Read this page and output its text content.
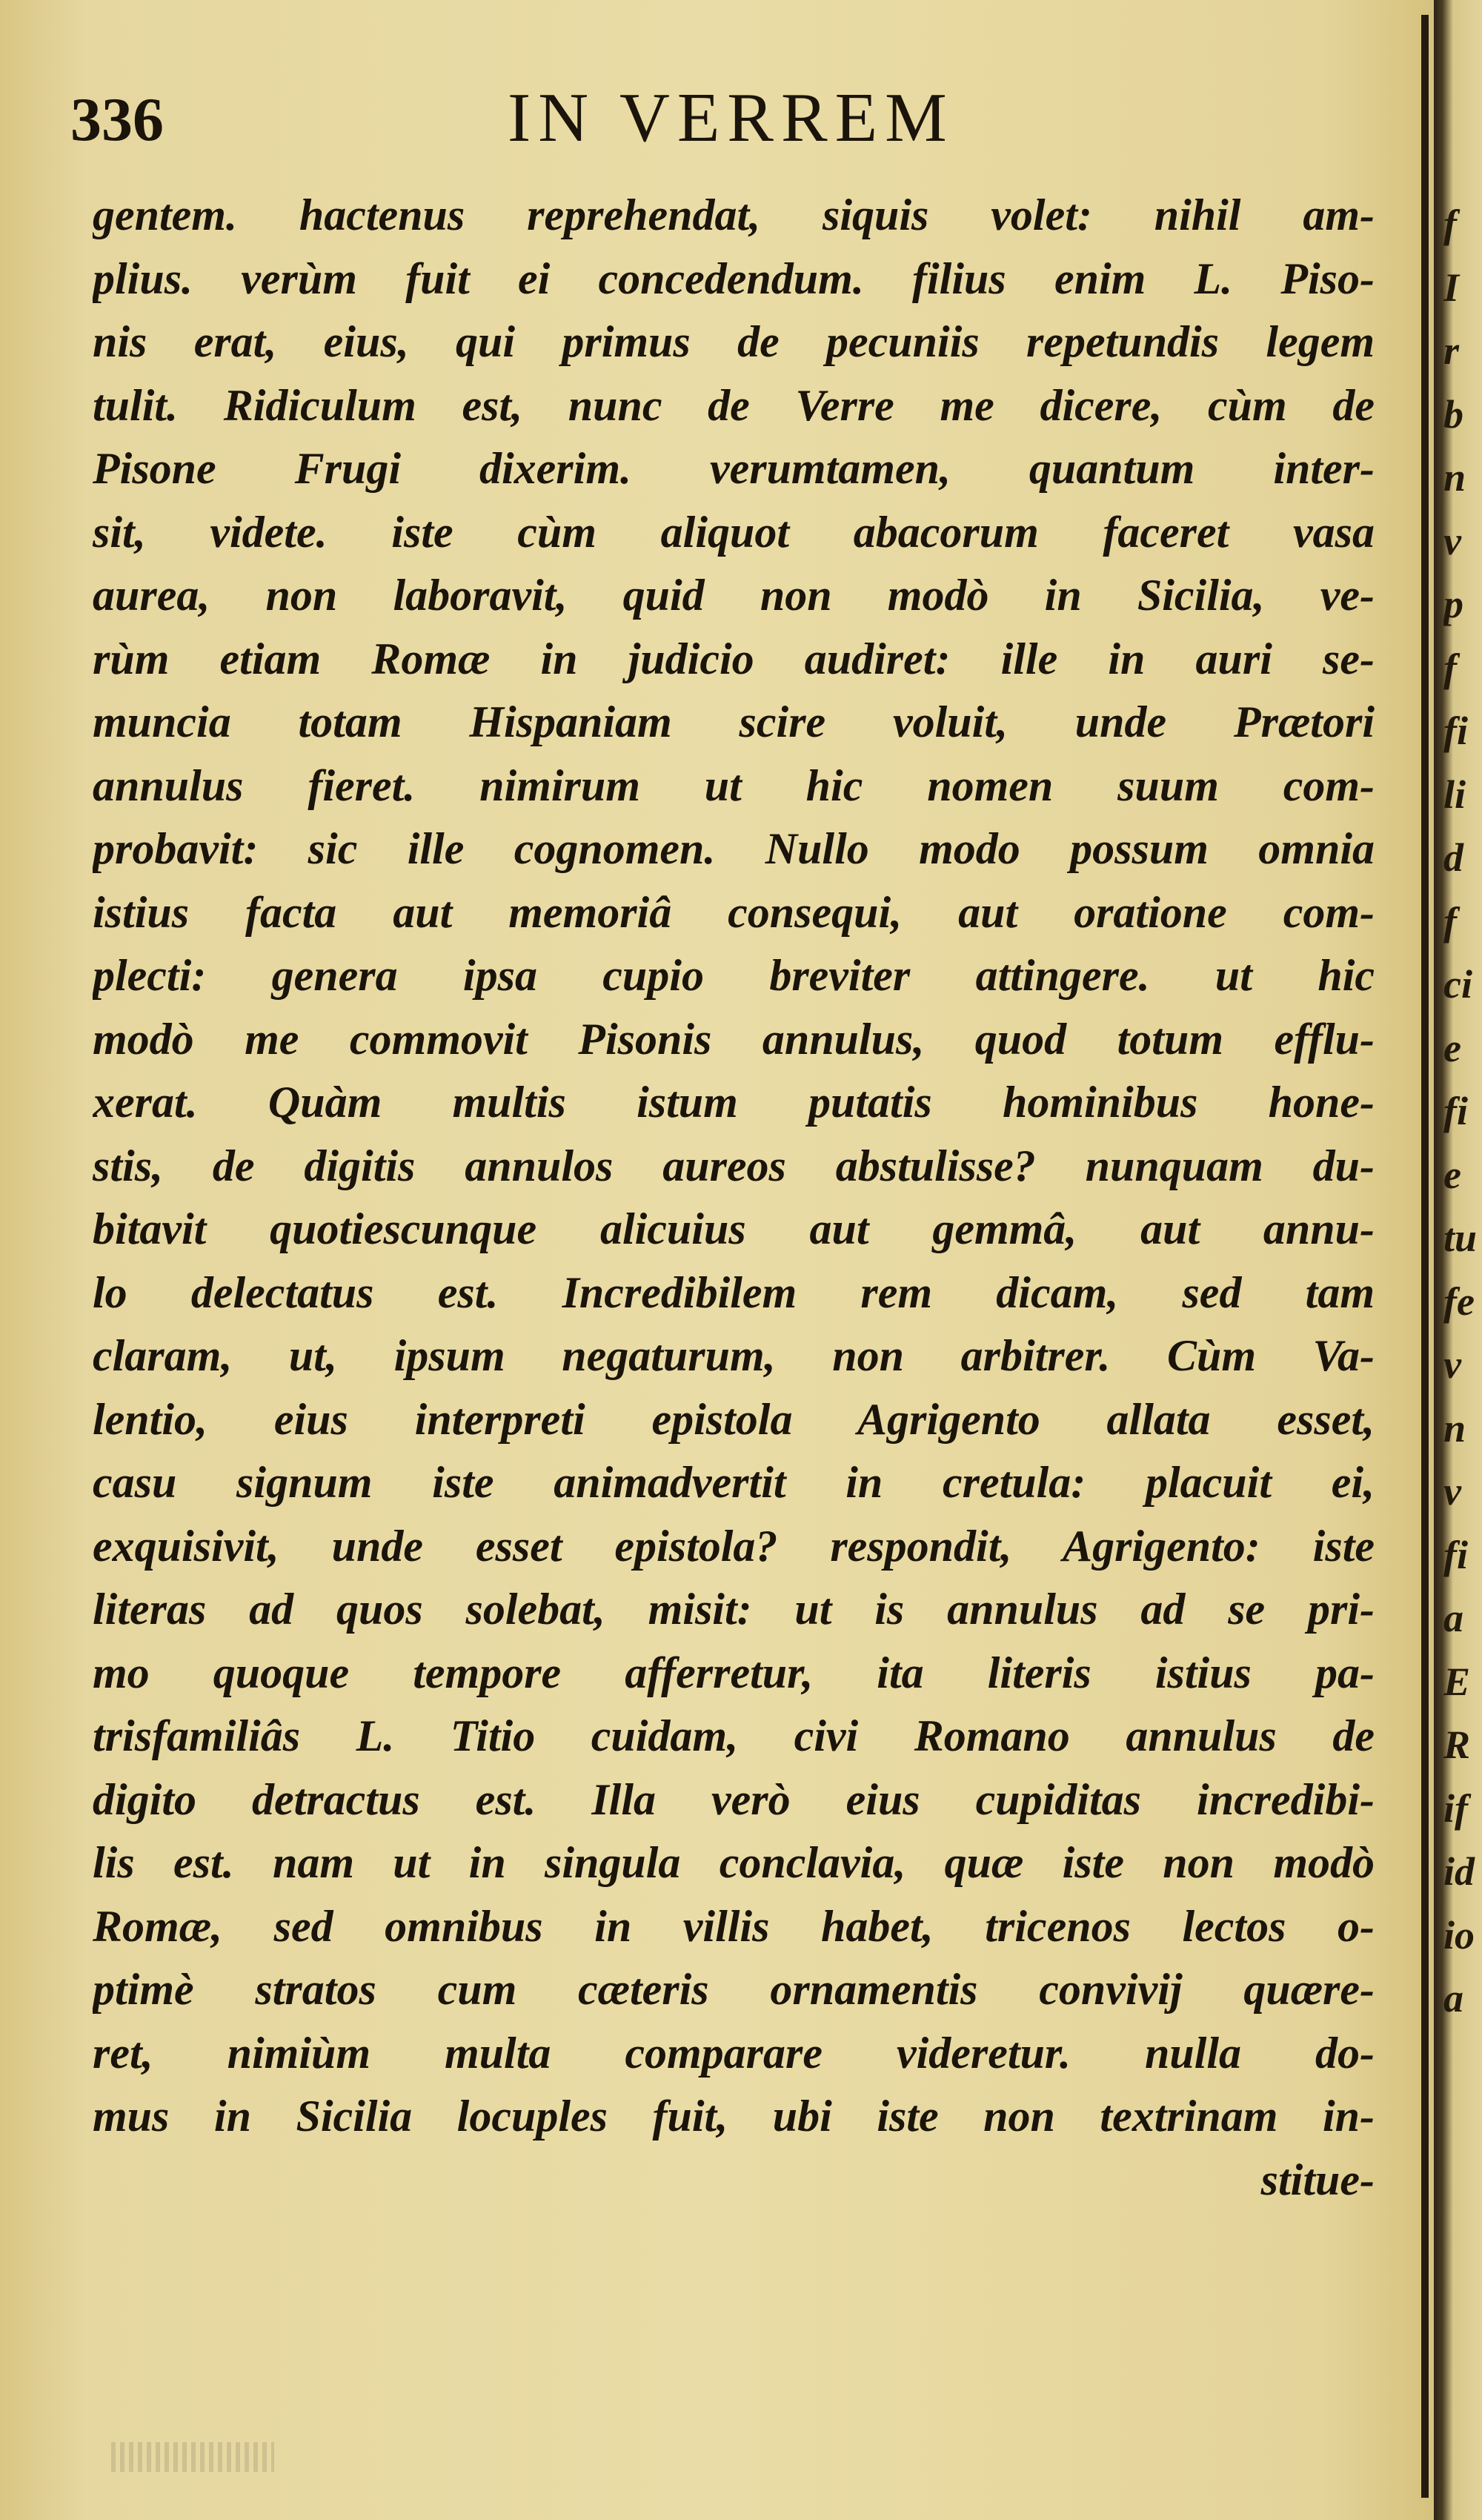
336	IN VERREM
gentem. hactenus reprehendat, siquis volet: nihil am-
plius. verùm fuit ei concedendum. filius enim L. Piso-
nis erat, eius, qui primus de pecuniis repetundis legem
tulit. Ridiculum est, nunc de Verre me dicere, cùm de
Pisone Frugi dixerim. verumtamen, quantum inter-
sit, videte. iste cùm aliquot abacorum faceret vasa
aurea, non laboravit, quid non modò in Sicilia, ve-
rùm etiam Romæ in judicio audiret: ille in auri se-
muncia totam Hispaniam scire voluit, unde Prætori
annulus fieret. nimirum ut hic nomen suum com-
probavit: sic ille cognomen. Nullo modo possum omnia
istius facta aut memoriâ consequi, aut oratione com-
plecti: genera ipsa cupio breviter attingere. ut hic
modò me commovit Pisonis annulus, quod totum efflu-
xerat. Quàm multis istum putatis hominibus hone-
stis, de digitis annulos aureos abstulisse? nunquam du-
bitavit quotiescunque alicuius aut gemmâ, aut annu-
lo delectatus est. Incredibilem rem dicam, sed tam
claram, ut, ipsum negaturum, non arbitrer. Cùm Va-
lentio, eius interpreti epistola Agrigento allata esset,
casu signum iste animadvertit in cretula: placuit ei,
exquisivit, unde esset epistola? respondit, Agrigento: iste
literas ad quos solebat, misit: ut is annulus ad se pri-
mo quoque tempore afferretur, ita literis istius pa-
trisfamiliâs L. Titio cuidam, civi Romano annulus de
digito detractus est. Illa verò eius cupiditas incredibi-
lis est. nam ut in singula conclavia, quæ iste non modò
Romæ, sed omnibus in villis habet, tricenos lectos o-
ptimè stratos cum cæteris ornamentis convivij quære-
ret, nimiùm multa comparare videretur. nulla do-
mus in Sicilia locuples fuit, ubi iste non textrinam in-
stitue-
f
I
r
b
n
v
p
f
fi
li
d
f
ci
e
fi
e
tu
fe
v
n
v
fi
a
E
R
if
id
io
a
